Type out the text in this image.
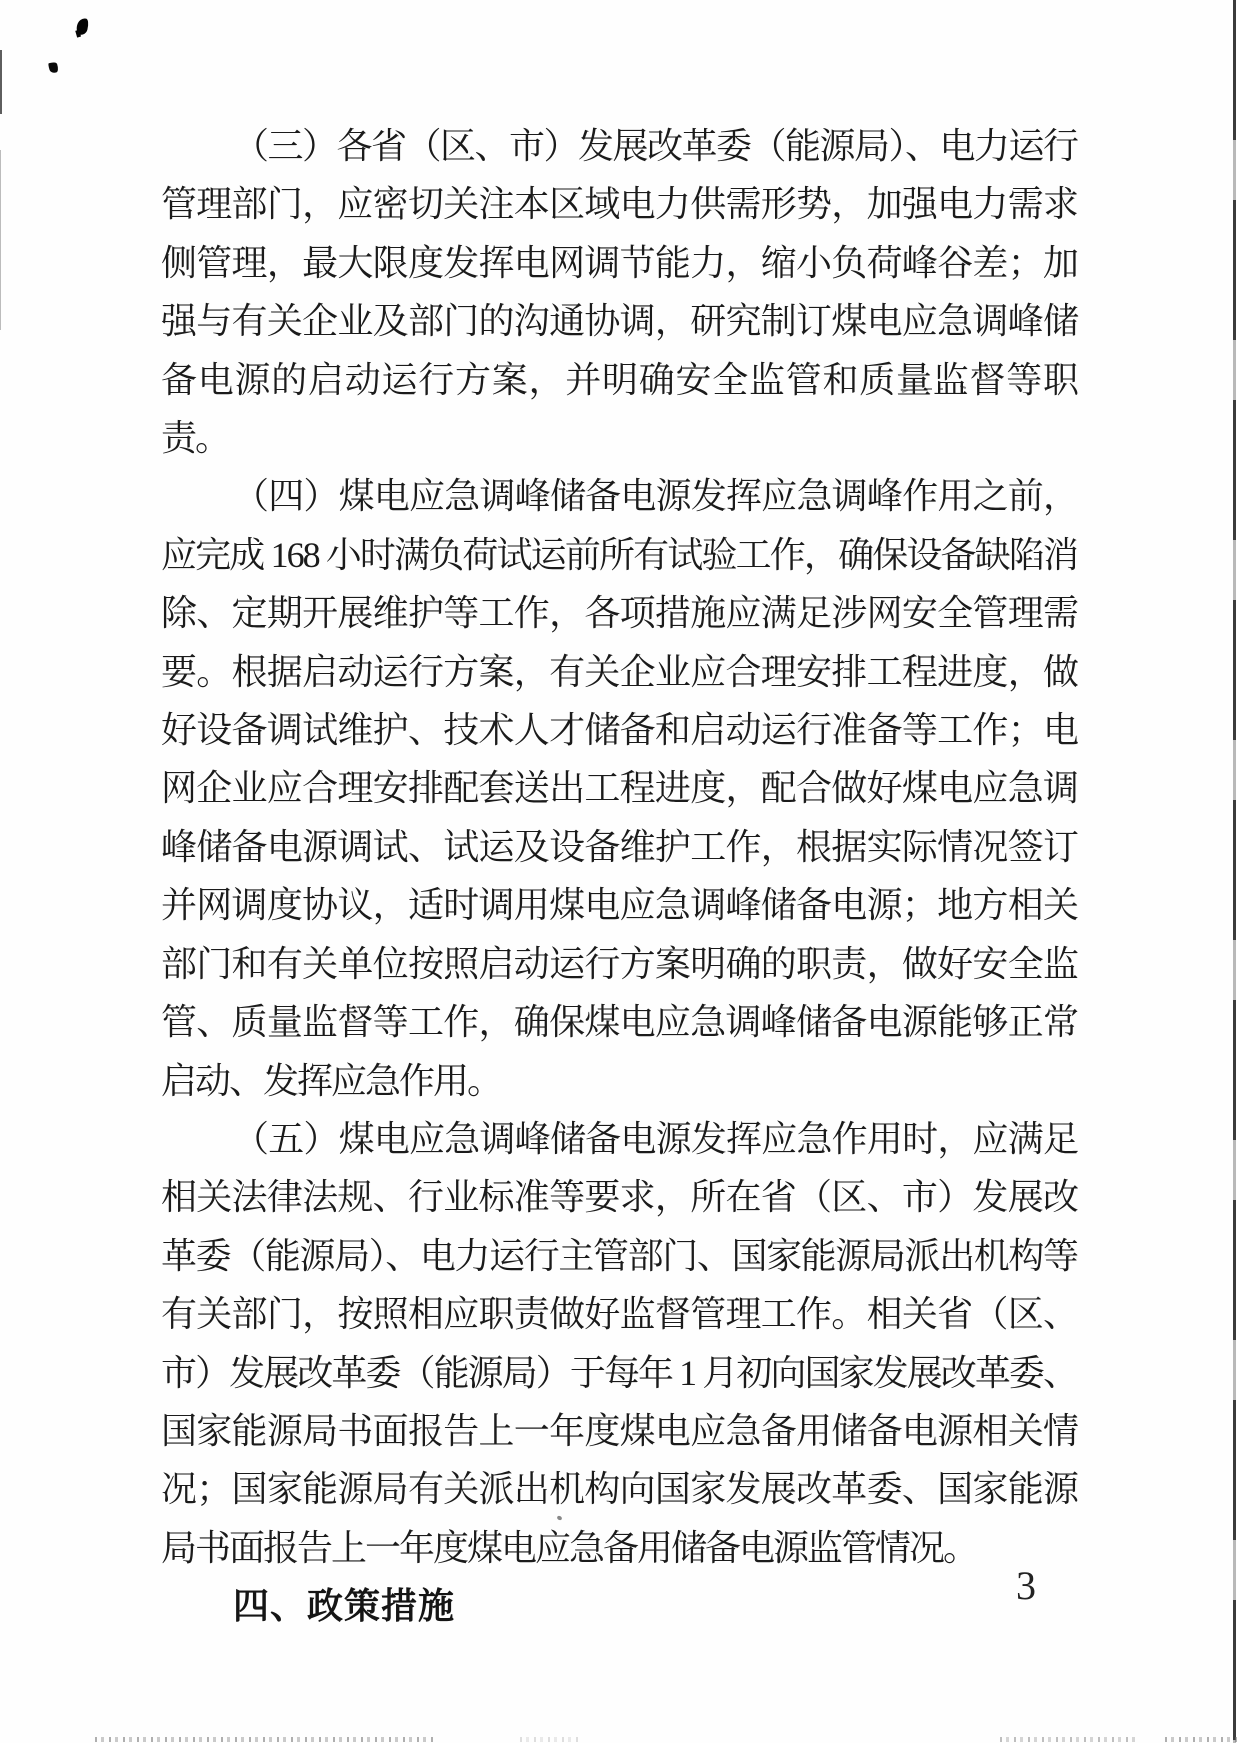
（三）各省（区、市）发展改革委（能源局）、电力运行管理部门，应密切关注本区域电力供需形势，加强电力需求侧管理，最大限度发挥电网调节能力，缩小负荷峰谷差；加强与有关企业及部门的沟通协调，研究制订煤电应急调峰储备电源的启动运行方案，并明确安全监管和质量监督等职责。

（四）煤电应急调峰储备电源发挥应急调峰作用之前，应完成 168 小时满负荷试运前所有试验工作，确保设备缺陷消除、定期开展维护等工作，各项措施应满足涉网安全管理需要。根据启动运行方案，有关企业应合理安排工程进度，做好设备调试维护、技术人才储备和启动运行准备等工作；电网企业应合理安排配套送出工程进度，配合做好煤电应急调峰储备电源调试、试运及设备维护工作，根据实际情况签订并网调度协议，适时调用煤电应急调峰储备电源；地方相关部门和有关单位按照启动运行方案明确的职责，做好安全监管、质量监督等工作，确保煤电应急调峰储备电源能够正常启动、发挥应急作用。

（五）煤电应急调峰储备电源发挥应急作用时，应满足相关法律法规、行业标准等要求，所在省（区、市）发展改革委（能源局）、电力运行主管部门、国家能源局派出机构等有关部门，按照相应职责做好监督管理工作。相关省（区、市）发展改革委（能源局）于每年 1 月初向国家发展改革委、国家能源局书面报告上一年度煤电应急备用储备电源相关情况；国家能源局有关派出机构向国家发展改革委、国家能源局书面报告上一年度煤电应急备用储备电源监管情况。

四、政策措施	3
